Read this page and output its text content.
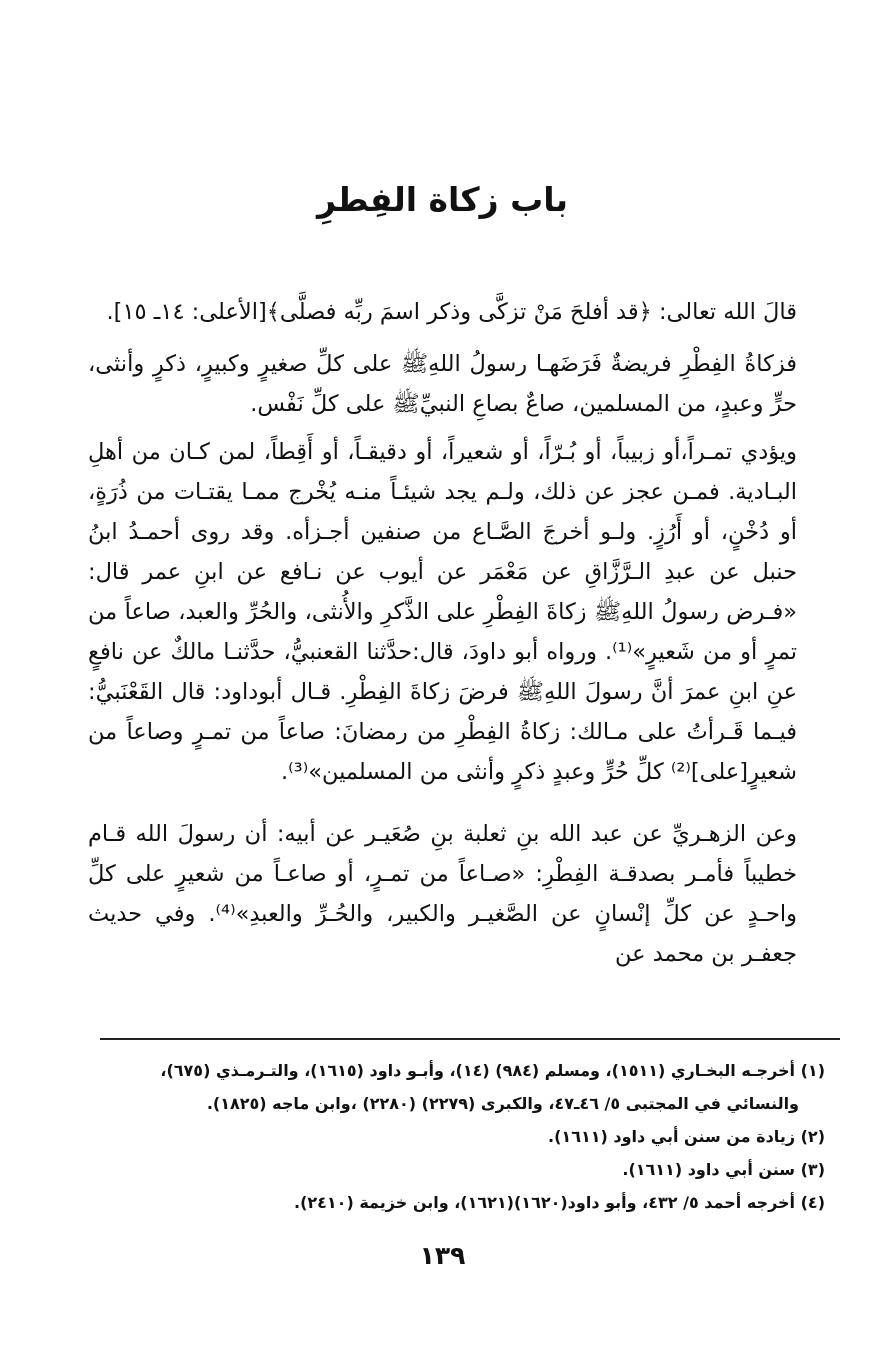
باب زكاة الفِطرِ

قالَ الله تعالى: ﴿قد أفلحَ مَنْ تزكَّى وذكر اسمَ ربِّه فصلَّى﴾[الأعلى: ١٤ـ ١٥].

فزكاةُ الفِطْرِ فريضةٌ فَرَضَهـا رسولُ اللهِﷺ على كلِّ صغيرٍ وكبيرٍ، ذكرٍ وأنثى، حرٍّ وعبدٍ، من المسلمين، صاعٌ بصاعِ النبيِّﷺ على كلِّ نَفْس.

ويؤدي تمـراً،أو زبيباً، أو بُـرّاً، أو شعيراً، أو دقيقـاً، أو أَقِطاً، لمن كـان من أهلِ البـادية. فمـن عجز عن ذلك، ولـم يجد شيئـاً منـه يُخْرج ممـا يقتـات من ذُرَةٍ، أو دُخْنٍ، أو أَرُزٍ. ولـو أخرجَ الصَّـاع من صنفين أجـزأه. وقد روى أحمـدُ ابنُ حنبل عن عبدِ الـرَّزَّاقِ عن مَعْمَر عن أيوب عن نـافع عن ابنِ عمر قال: «فـرض رسولُ اللهِﷺ زكاةَ الفِطْرِ على الذَّكرِ والأُنثى، والحُرِّ والعبد، صاعاً من تمرٍ أو من شَعيرٍ»⁽¹⁾. ورواه أبو داودَ، قال:حدَّثنا القعنبيُّ، حدَّثنـا مالكٌ عن نافعٍ عنِ ابنِ عمرَ أنَّ رسولَ اللهِﷺ فرضَ زكاةَ الفِطْرِ. قـال أبوداود: قال القَعْنَبيُّ: فيـما قَـرأتُ على مـالك: زكاةُ الفِطْرِ من رمضانَ: صاعاً من تمـرٍ وصاعاً من شعيرٍ[على]⁽²⁾ كلِّ حُرٍّ وعبدٍ ذكرٍ وأنثى من المسلمين»⁽³⁾.

وعن الزهـريِّ عن عبد الله بنِ ثعلبة بنِ صُعَيـر عن أبيه: أن رسولَ الله قـام خطيباً فأمـر بصدقـة الفِطْرِ: «صـاعاً من تمـرٍ، أو صاعـاً من شعيرٍ على كلِّ واحـدٍ عن كلِّ إنْسانٍ عن الصَّغيـر والكبير، والحُـرِّ والعبدِ»⁽⁴⁾. وفي حديث جعفـر بن محمد عن

(١) أخرجـه البخـاري (١٥١١)، ومسلم (٩٨٤) (١٤)، وأبـو داود (١٦١٥)، والتـرمـذي (٦٧٥)،
والنسائي في المجتبى ٥/ ٤٦ـ٤٧، والكبرى (٢٢٧٩) (٢٢٨٠) ،وابن ماجه (١٨٢٥).

(٢) زيادة من سنن أبي داود (١٦١١).

(٣) سنن أبي داود (١٦١١).

(٤) أخرجه أحمد ٥/ ٤٣٢، وأبو داود(١٦٢٠)(١٦٢١)، وابن خزيمة (٢٤١٠).

١٣٩
